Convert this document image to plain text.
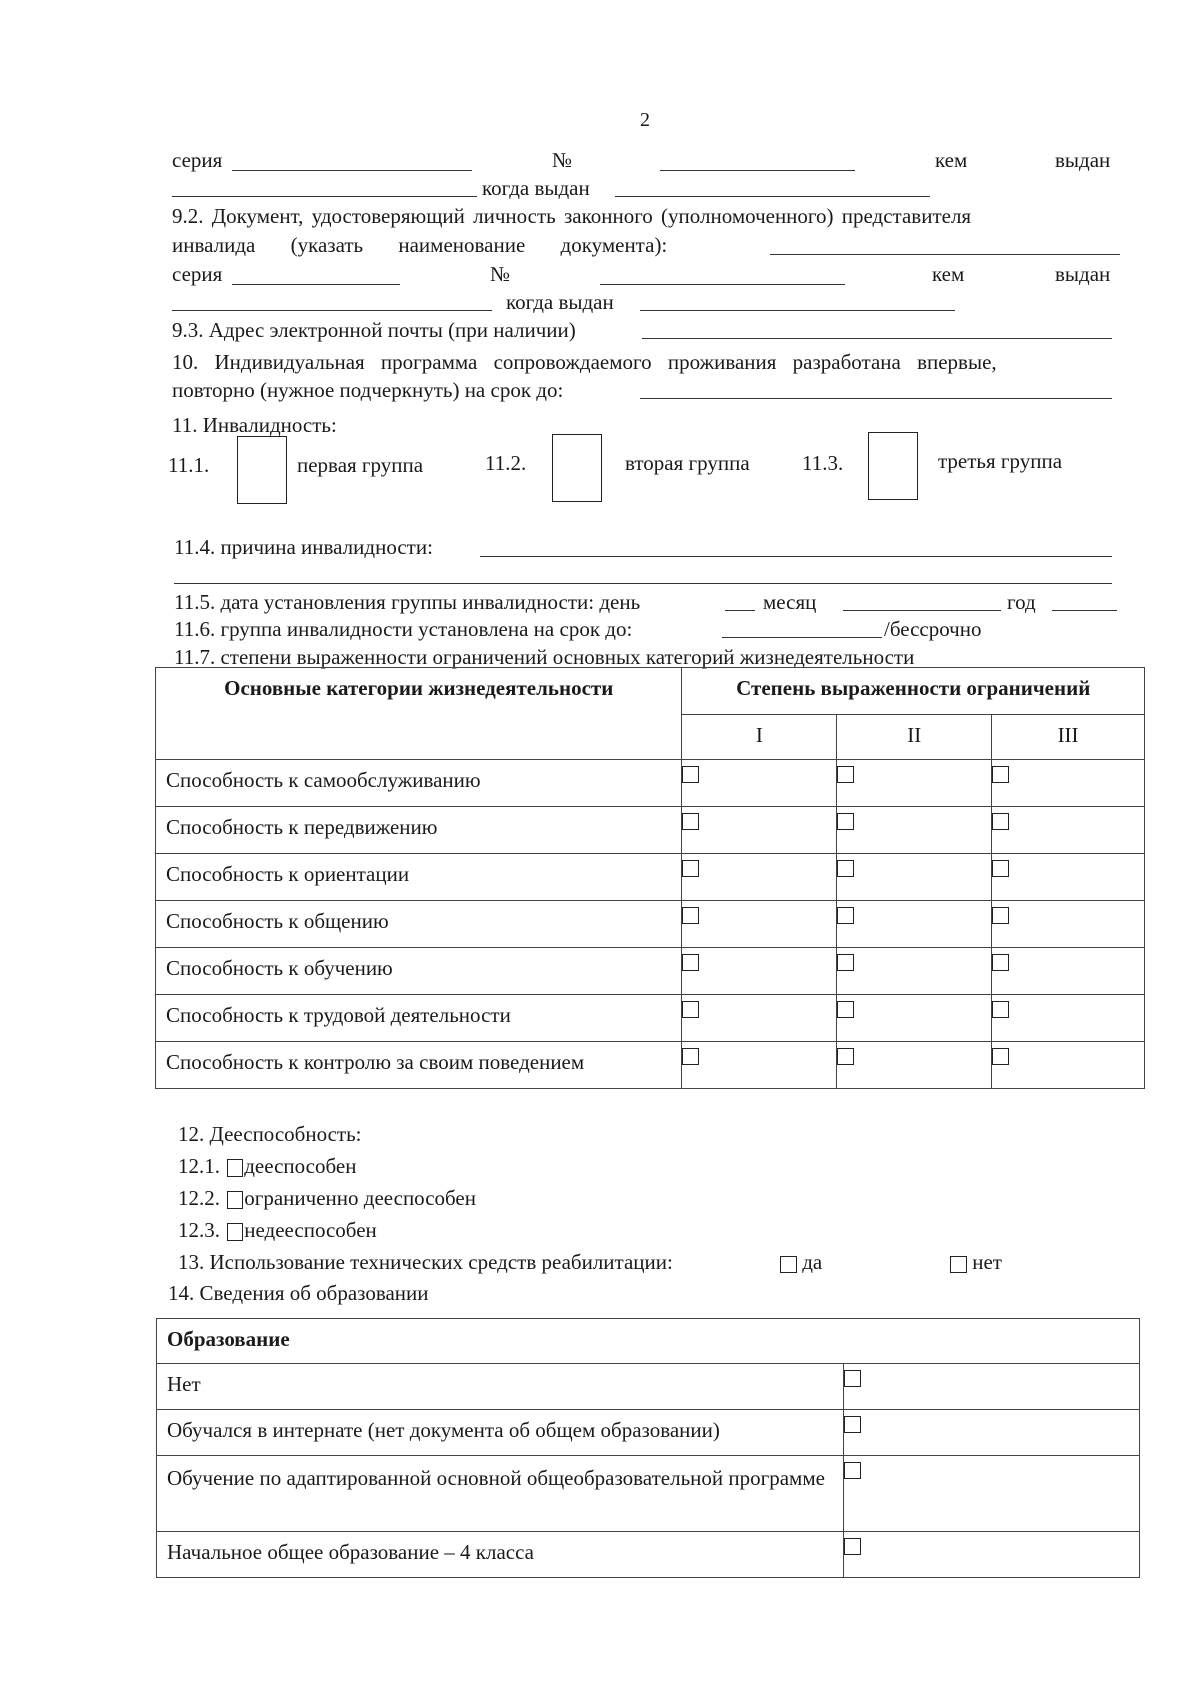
2
серия	№	кем	выдан
когда выдан
9.2. Документ, удостоверяющий личность законного (уполномоченного) представителя
инвалида (указать наименование документа):
серия	№	кем	выдан
когда выдан
9.3. Адрес электронной почты (при наличии)
10. Индивидуальная программа сопровождаемого проживания разработана впервые,
повторно (нужное подчеркнуть) на срок до:
11. Инвалидность:
11.1.	первая группа	11.2.	вторая группа 11.3.	третья группа
11.4. причина инвалидности:
11.5. дата установления группы инвалидности: день	месяц	год
11.6. группа инвалидности установлена на срок до:	/бессрочно
11.7. степени выраженности ограничений основных категорий жизнедеятельности
Основные категории жизнедеятельности	Степень выраженности ограничений		

	I	II	III

Способность к самообслуживанию			

Способность к передвижению			

Способность к ориентации			

Способность к общению			

Способность к обучению			

Способность к трудовой деятельности			

Способность к контролю за своим поведением			

12. Дееспособность:
12.1. дееспособен
12.2. ограниченно дееспособен
12.3. недееспособен
13. Использование технических средств реабилитации:	да	нет
14. Сведения об образовании
Образование	

Нет	

Обучался в интернате (нет документа об общем образовании)	

Обучение по адаптированной основной общеобразовательной программе	

Начальное общее образование – 4 класса	
